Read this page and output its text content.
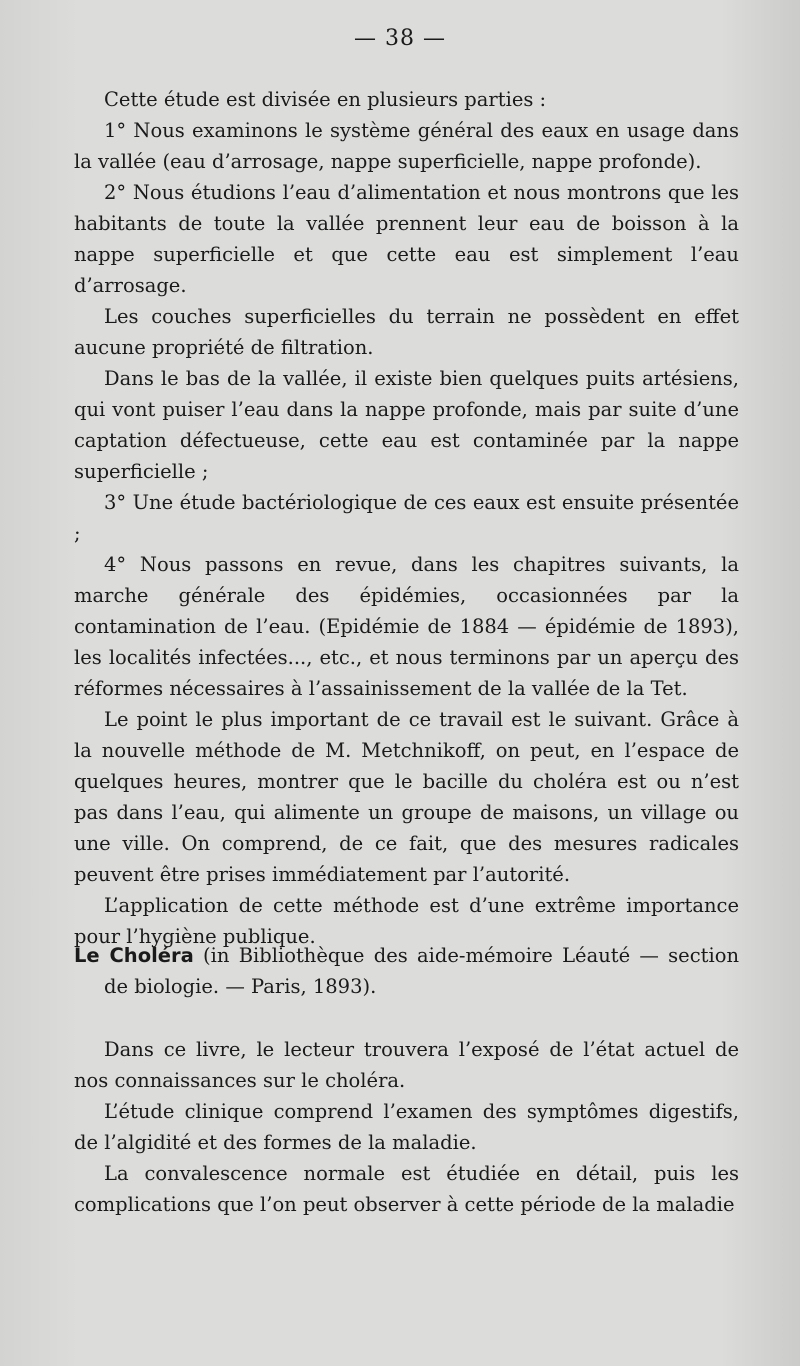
— 38 —

Cette étude est divisée en plusieurs parties :

1° Nous examinons le système général des eaux en usage dans la vallée (eau d’arrosage, nappe superficielle, nappe profonde).

2° Nous étudions l’eau d’alimentation et nous montrons que les habitants de toute la vallée prennent leur eau de boisson à la nappe superficielle et que cette eau est simplement l’eau d’arrosage.

Les couches superficielles du terrain ne possèdent en effet aucune propriété de filtration.

Dans le bas de la vallée, il existe bien quelques puits artésiens, qui vont puiser l’eau dans la nappe profonde, mais par suite d’une captation défectueuse, cette eau est contaminée par la nappe superficielle ;

3° Une étude bactériologique de ces eaux est ensuite présentée ;

4° Nous passons en revue, dans les chapitres suivants, la marche générale des épidémies, occasionnées par la contamination de l’eau. (Epidémie de 1884 — épidémie de 1893), les localités infectées..., etc., et nous terminons par un aperçu des réformes nécessaires à l’assainissement de la vallée de la Tet.

Le point le plus important de ce travail est le suivant. Grâce à la nouvelle méthode de M. Metchnikoff, on peut, en l’espace de quelques heures, montrer que le bacille du choléra est ou n’est pas dans l’eau, qui alimente un groupe de maisons, un village ou une ville. On comprend, de ce fait, que des mesures radicales peuvent être prises immédiatement par l’autorité.

L’application de cette méthode est d’une extrême importance pour l’hygiène publique.

Le Choléra (in Bibliothèque des aide-mémoire Léauté — section de biologie. — Paris, 1893).

Dans ce livre, le lecteur trouvera l’exposé de l’état actuel de nos connaissances sur le choléra.

L’étude clinique comprend l’examen des symptômes digestifs, de l’algidité et des formes de la maladie.

La convalescence normale est étudiée en détail, puis les complications que l’on peut observer à cette période de la maladie
